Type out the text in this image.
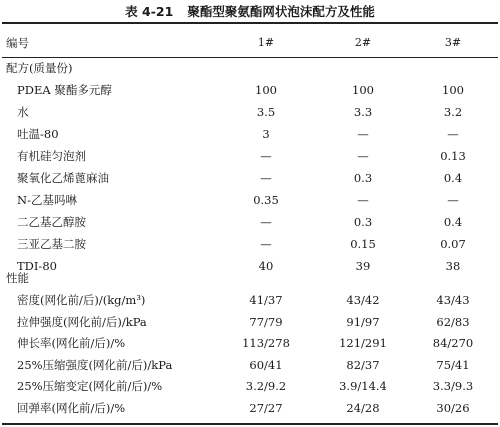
表 4-21 聚酯型聚氨酯网状泡沫配方及性能
编号	1#	2#	3#
配方(质量份)
PDEA 聚酯多元醇	100	100	100
水	3.5	3.3	3.2
吐温-80	3	—	—
有机硅匀泡剂	—	—	0.13
聚氧化乙烯蓖麻油	—	0.3	0.4
N-乙基吗啉	0.35	—	—
二乙基乙醇胺	—	0.3	0.4
三亚乙基二胺	—	0.15	0.07
TDI-80	40	39	38
性能
密度(网化前/后)/(kg/m³)	41/37	43/42	43/43
拉伸强度(网化前/后)/kPa	77/79	91/97	62/83
伸长率(网化前/后)/%	113/278	121/291	84/270
25%压缩强度(网化前/后)/kPa	60/41	82/37	75/41
25%压缩变定(网化前/后)/%	3.2/9.2	3.9/14.4	3.3/9.3
回弹率(网化前/后)/%	27/27	24/28	30/26
